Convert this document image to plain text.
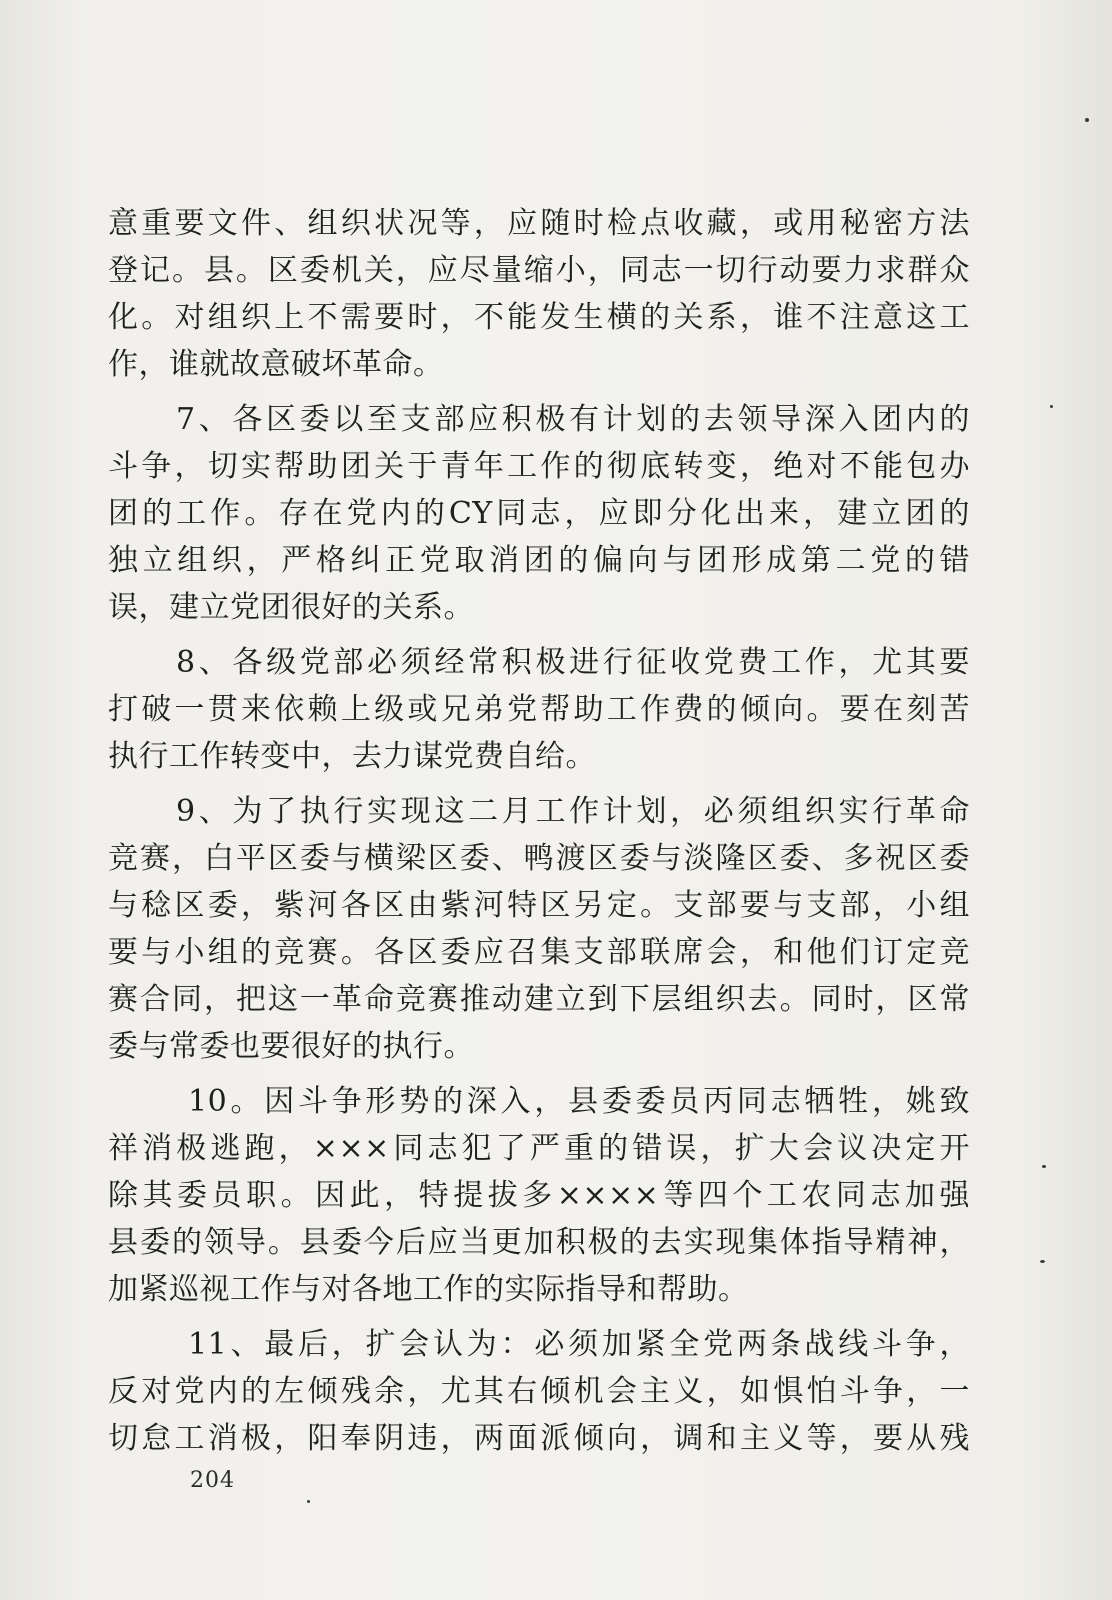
意重要文件、组织状况等，应随时检点收藏，或用秘密方法
登记。县。区委机关，应尽量缩小，同志一切行动要力求群众
化。对组织上不需要时，不能发生横的关系，谁不注意这工
作，谁就故意破坏革命。
7、各区委以至支部应积极有计划的去领导深入团内的
斗争，切实帮助团关于青年工作的彻底转变，绝对不能包办
团的工作。存在党内的CY同志，应即分化出来，建立团的
独立组织，严格纠正党取消团的偏向与团形成第二党的错
误，建立党团很好的关系。
8、各级党部必须经常积极进行征收党费工作，尤其要
打破一贯来依赖上级或兄弟党帮助工作费的倾向。要在刻苦
执行工作转变中，去力谋党费自给。
9、为了执行实现这二月工作计划，必须组织实行革命
竞赛，白平区委与横梁区委、鸭渡区委与淡隆区委、多祝区委
与稔区委，紫河各区由紫河特区另定。支部要与支部，小组
要与小组的竞赛。各区委应召集支部联席会，和他们订定竞
赛合同，把这一革命竞赛推动建立到下层组织去。同时，区常
委与常委也要很好的执行。
10。因斗争形势的深入，县委委员丙同志牺牲，姚致
祥消极逃跑，×××同志犯了严重的错误，扩大会议决定开
除其委员职。因此，特提拔多××××等四个工农同志加强
县委的领导。县委今后应当更加积极的去实现集体指导精神，
加紧巡视工作与对各地工作的实际指导和帮助。
11、最后，扩会认为：必须加紧全党两条战线斗争，
反对党内的左倾残余，尤其右倾机会主义，如惧怕斗争，一
切怠工消极，阳奉阴违，两面派倾向，调和主义等，要从残
204
